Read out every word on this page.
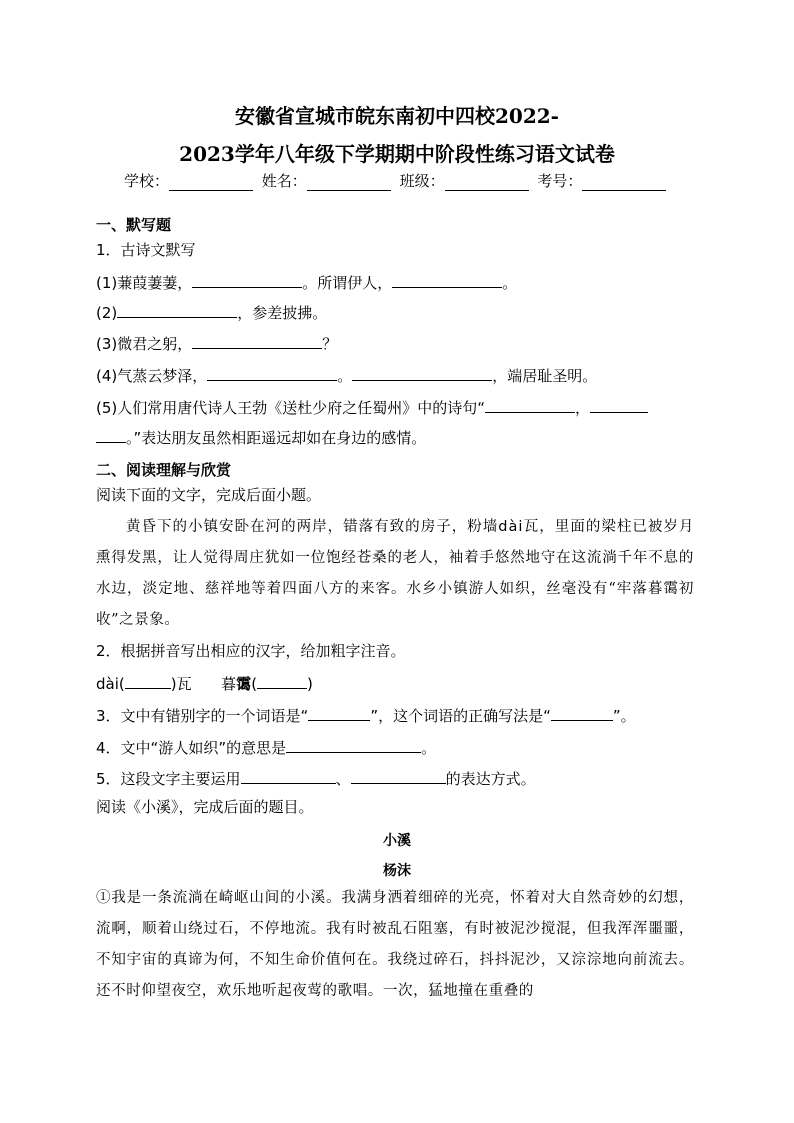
安徽省宣城市皖东南初中四校2022-
2023学年八年级下学期期中阶段性练习语文试卷
学校：	姓名：	班级：	考号：
一、默写题
1．古诗文默写
(1)蒹葭萋萋，	。所谓伊人，	。
(2)	，参差披拂。
(3)微君之躬，	？
(4)气蒸云梦泽，	。	，端居耻圣明。
(5)人们常用唐代诗人王勃《送杜少府之任蜀州》中的诗句“	，
。”表达朋友虽然相距遥远却如在身边的感情。
二、阅读理解与欣赏
阅读下面的文字，完成后面小题。
黄昏下的小镇安卧在河的两岸，错落有致的房子，粉墙dài瓦，里面的梁柱已被岁月熏得发黑，让人觉得周庄犹如一位饱经苍桑的老人，袖着手悠然地守在这流淌千年不息的水边，淡定地、慈祥地等着四面八方的来客。水乡小镇游人如织，丝毫没有“牢落暮霭初收”之景象。
2．根据拼音写出相应的汉字，给加粗字注音。
dài(	)瓦 暮霭(	)
3．文中有错别字的一个词语是“	”，这个词语的正确写法是“	”。
4．文中“游人如织”的意思是	。
5．这段文字主要运用	、	的表达方式。
阅读《小溪》，完成后面的题目。
小溪
杨沫
①我是一条流淌在崎岖山间的小溪。我满身洒着细碎的光亮，怀着对大自然奇妙的幻想，流啊，顺着山绕过石，不停地流。我有时被乱石阻塞，有时被泥沙搅混，但我浑浑噩噩，不知宇宙的真谛为何，不知生命价值何在。我绕过碎石，抖抖泥沙，又淙淙地向前流去。还不时仰望夜空，欢乐地听起夜莺的歌唱。一次，猛地撞在重叠的
